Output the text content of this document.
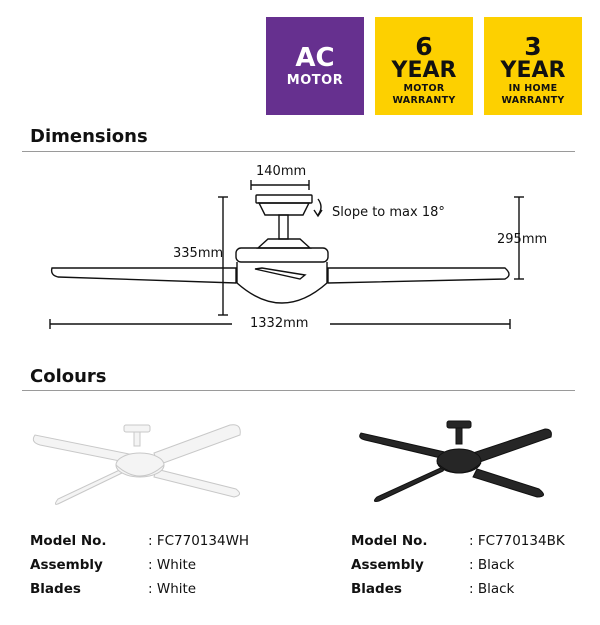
AC
MOTOR
6
YEAR
MOTOR
WARRANTY
3
YEAR
IN HOME
WARRANTY
Dimensions
140mm
Slope to max 18°
335mm
295mm
1332mm
Colours
Model No.	: FC770134WH
Assembly	: White
Blades	: White
Model No.	: FC770134BK
Assembly	: Black
Blades	: Black
